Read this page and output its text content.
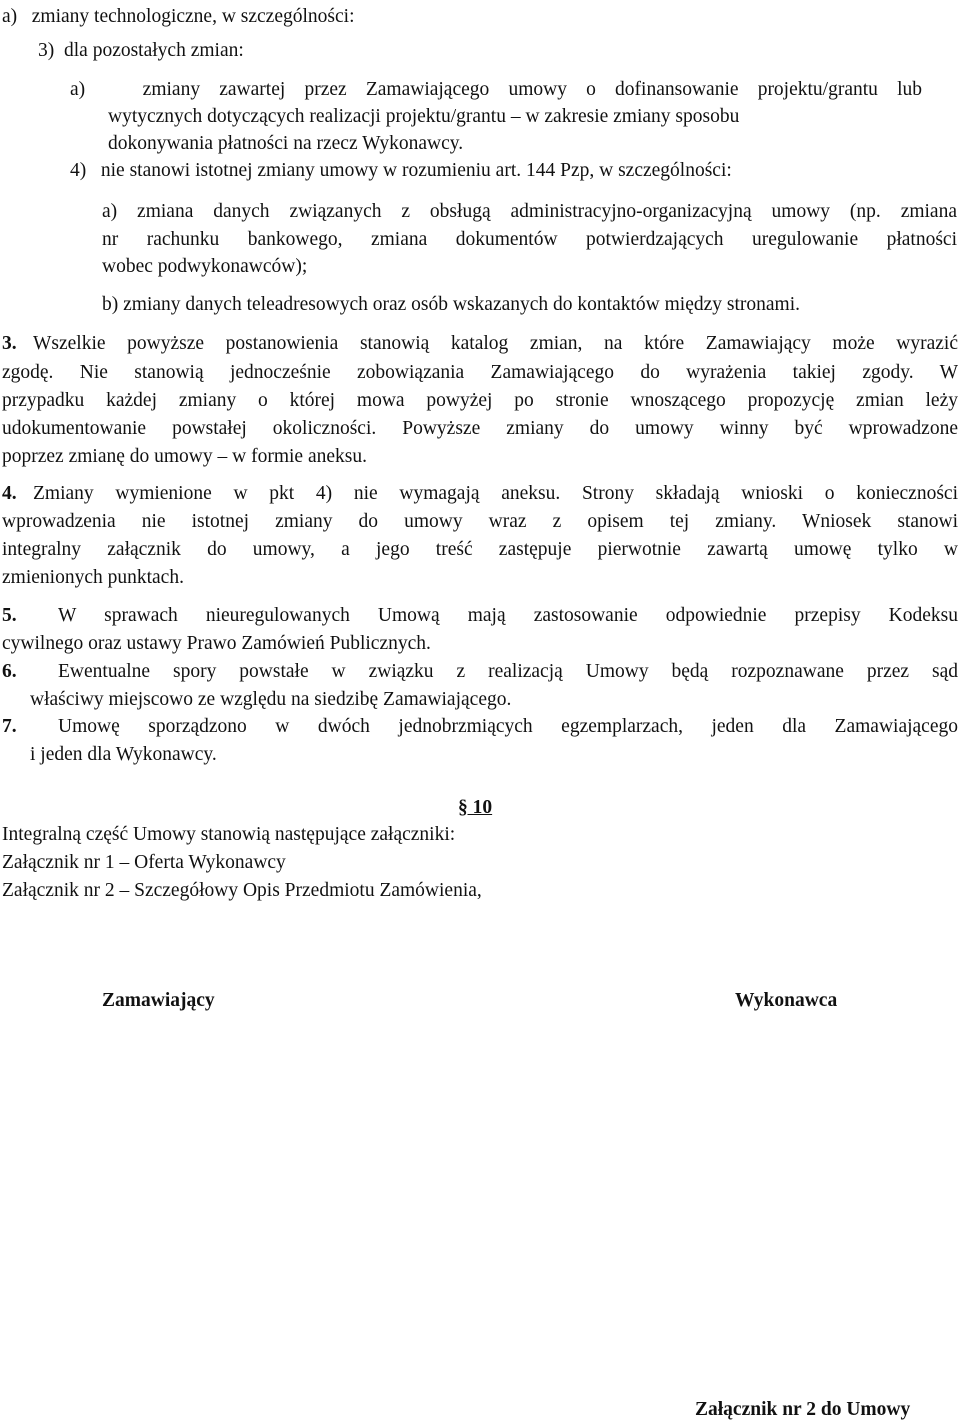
a)   zmiany technologiczne, w szczególności:
3)  dla pozostałych zmian:
a)   zmiany zawartej przez Zamawiającego umowy o dofinansowanie projektu/grantu lub
wytycznych dotyczących realizacji projektu/grantu – w zakresie zmiany sposobu
dokonywania płatności na rzecz Wykonawcy.
4)   nie stanowi istotnej zmiany umowy w rozumieniu art. 144 Pzp, w szczególności:
a) zmiana danych związanych z obsługą administracyjno-organizacyjną umowy (np. zmiana
nr rachunku bankowego, zmiana dokumentów potwierdzających uregulowanie płatności
wobec podwykonawców);
b) zmiany danych teleadresowych oraz osób wskazanych do kontaktów między stronami.
3. Wszelkie powyższe postanowienia stanowią katalog zmian, na które Zamawiający może wyrazić
zgodę. Nie stanowią jednocześnie zobowiązania Zamawiającego do wyrażenia takiej zgody. W
przypadku każdej zmiany o której mowa powyżej po stronie wnoszącego propozycję zmian leży
udokumentowanie powstałej okoliczności. Powyższe zmiany do umowy winny być wprowadzone
poprzez zmianę do umowy – w formie aneksu.
4. Zmiany wymienione w pkt 4) nie wymagają aneksu. Strony składają wnioski o konieczności
wprowadzenia nie istotnej zmiany do umowy wraz z opisem tej zmiany. Wniosek stanowi
integralny załącznik do umowy, a jego treść zastępuje pierwotnie zawartą umowę tylko w
zmienionych punktach.
5. W sprawach nieuregulowanych Umową mają zastosowanie odpowiednie przepisy Kodeksu
cywilnego oraz ustawy Prawo Zamówień Publicznych.
6. Ewentualne spory powstałe w związku z realizacją Umowy będą rozpoznawane przez sąd
właściwy miejscowo ze względu na siedzibę Zamawiającego.
7. Umowę sporządzono w dwóch jednobrzmiących egzemplarzach, jeden dla Zamawiającego
i jeden dla Wykonawcy.
§ 10
Integralną część Umowy stanowią następujące załączniki:
Załącznik nr 1 – Oferta Wykonawcy
Załącznik nr 2 – Szczegółowy Opis Przedmiotu Zamówienia,
Zamawiający	Wykonawca
Załącznik nr 2 do Umowy
